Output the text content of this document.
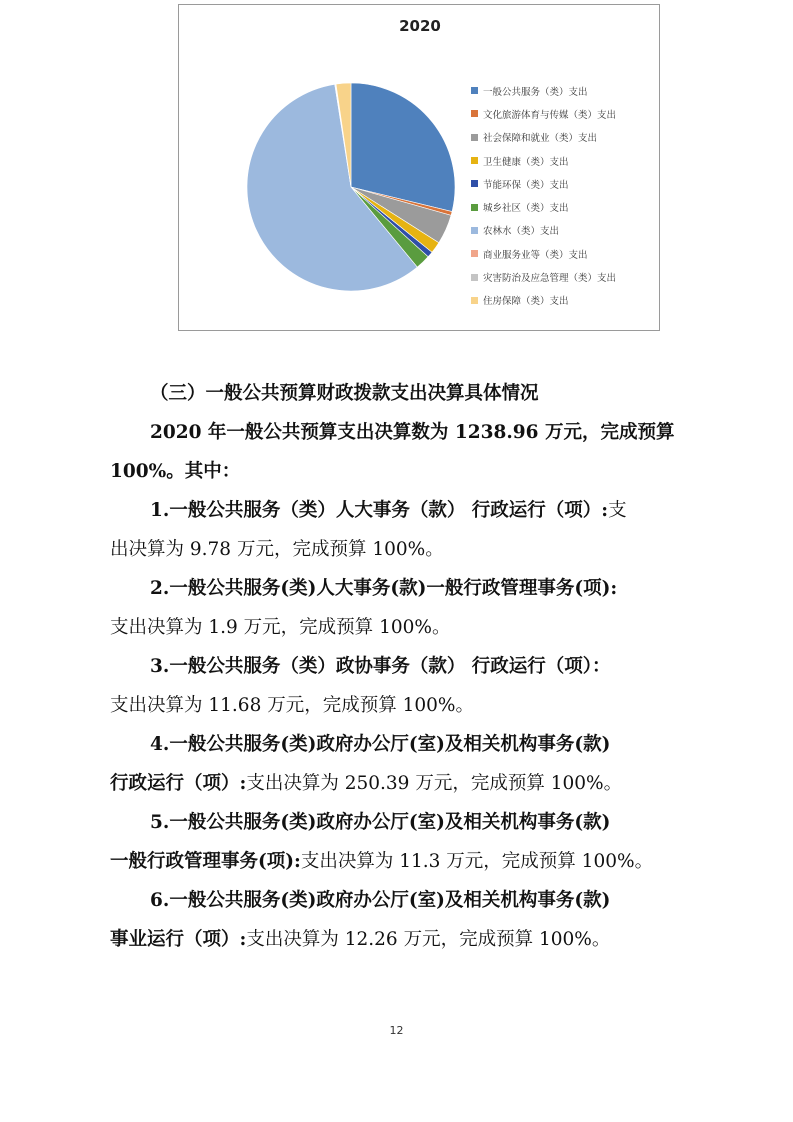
2020
一般公共服务（类）支出
文化旅游体育与传媒（类）支出
社会保障和就业（类）支出
卫生健康（类）支出
节能环保（类）支出
城乡社区（类）支出
农林水（类）支出
商业服务业等（类）支出
灾害防治及应急管理（类）支出
住房保障（类）支出

（三）一般公共预算财政拨款支出决算具体情况

2020 年一般公共预算支出决算数为 1238.96 万元，完成预算

100%。其中：

1.一般公共服务（类）人大事务（款） 行政运行（项）:支

出决算为 9.78 万元，完成预算 100%。

2.一般公共服务(类)人大事务(款)一般行政管理事务(项):

支出决算为 1.9 万元，完成预算 100%。

3.一般公共服务（类）政协事务（款） 行政运行（项）：

支出决算为 11.68 万元，完成预算 100%。

4.一般公共服务(类)政府办公厅(室)及相关机构事务(款)

行政运行（项）:支出决算为 250.39 万元，完成预算 100%。

5.一般公共服务(类)政府办公厅(室)及相关机构事务(款)

一般行政管理事务(项):支出决算为 11.3 万元，完成预算 100%。

6.一般公共服务(类)政府办公厅(室)及相关机构事务(款)

事业运行（项）:支出决算为 12.26 万元，完成预算 100%。

12
